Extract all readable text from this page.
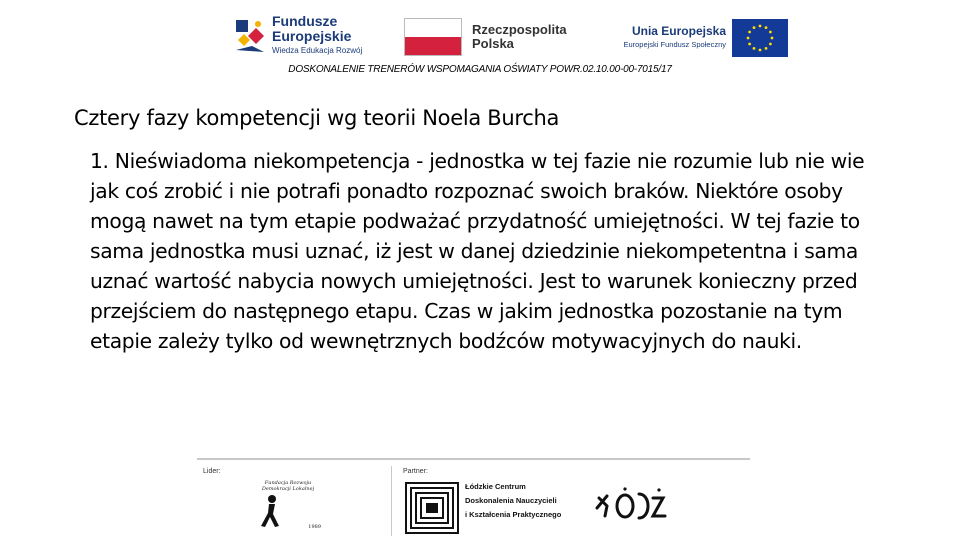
Fundusze
Europejskie
Wiedza Edukacja Rozwój
Rzeczpospolita
Polska
Unia Europejska
Europejski Fundusz Społeczny
DOSKONALENIE TRENERÓW WSPOMAGANIA OŚWIATY POWR.02.10.00-00-7015/17
Cztery fazy kompetencji wg teorii Noela Burcha
1. Nieświadoma niekompetencja - jednostka w tej fazie nie rozumie lub nie wie jak coś zrobić i nie potrafi ponadto rozpoznać swoich braków. Niektóre osoby mogą nawet na tym etapie podważać przydatność umiejętności. W tej fazie to sama jednostka musi uznać, iż jest w danej dziedzinie niekompetentna i sama uznać wartość nabycia nowych umiejętności. Jest to warunek konieczny przed przejściem do następnego etapu. Czas w jakim jednostka pozostanie na tym etapie zależy tylko od wewnętrznych bodźców motywacyjnych do nauki.
Lider:	Partner:
Fundacja Rozwoju Demokracji Lokalnej
1989
Łódzkie Centrum
Doskonalenia Nauczycieli
i Kształcenia Praktycznego
